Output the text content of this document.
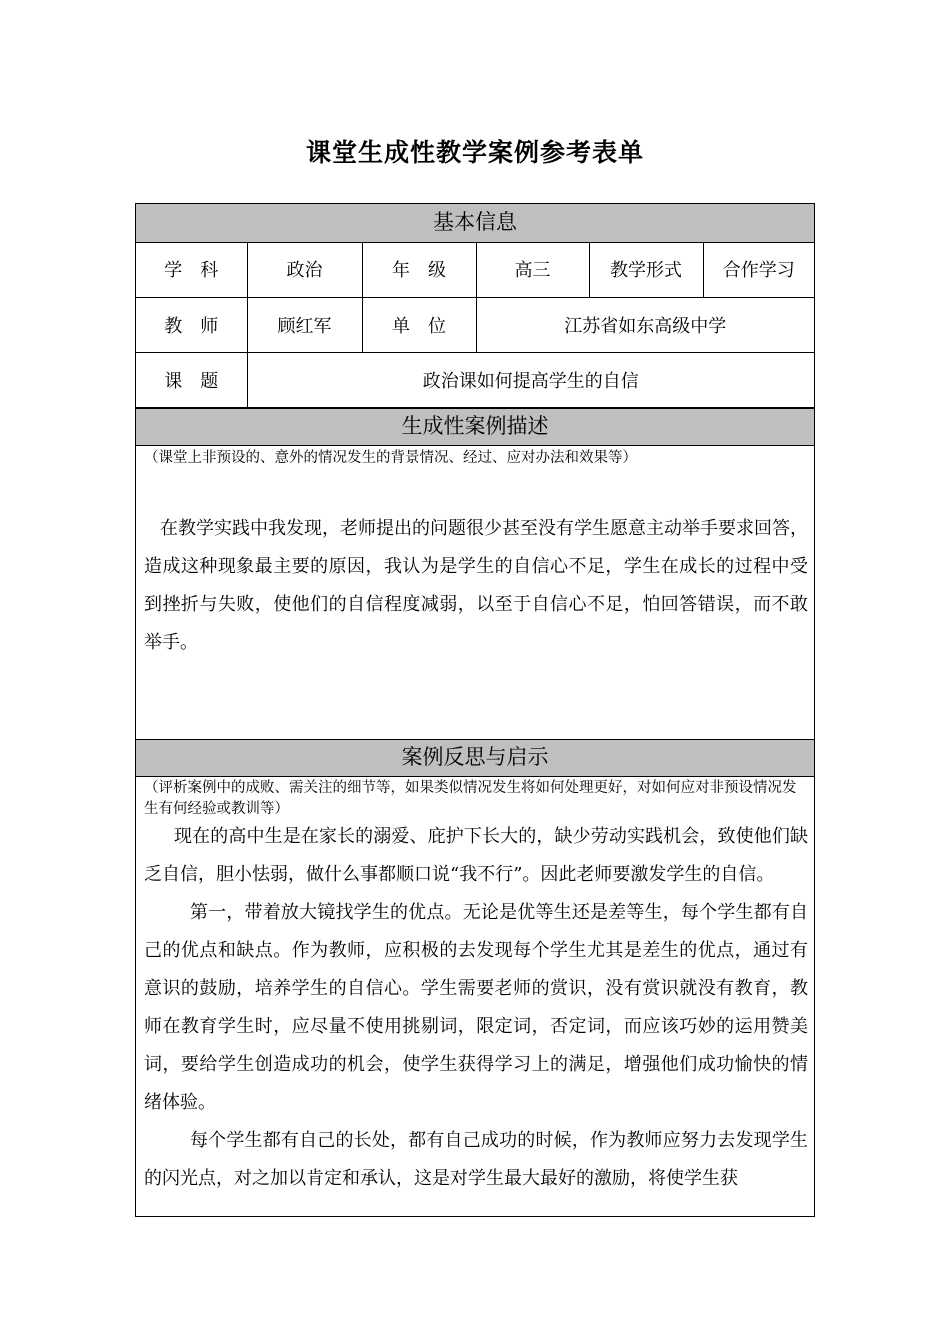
课堂生成性教学案例参考表单
基本信息
学　科	政治	年　级	高三	教学形式	合作学习
教　师	顾红军	单　位	江苏省如东高级中学		
课　题	政治课如何提高学生的自信				
生成性案例描述
（课堂上非预设的、意外的情况发生的背景情况、经过、应对办法和效果等）

在教学实践中我发现，老师提出的问题很少甚至没有学生愿意主动举手要求回答，造成这种现象最主要的原因，我认为是学生的自信心不足，学生在成长的过程中受到挫折与失败，使他们的自信程度减弱，以至于自信心不足，怕回答错误，而不敢举手。

案例反思与启示
（评析案例中的成败、需关注的细节等，如果类似情况发生将如何处理更好，对如何应对非预设情况发生有何经验或教训等）

现在的高中生是在家长的溺爱、庇护下长大的，缺少劳动实践机会，致使他们缺乏自信，胆小怯弱，做什么事都顺口说“我不行”。因此老师要激发学生的自信。

第一，带着放大镜找学生的优点。无论是优等生还是差等生，每个学生都有自己的优点和缺点。作为教师，应积极的去发现每个学生尤其是差生的优点，通过有意识的鼓励，培养学生的自信心。学生需要老师的赏识，没有赏识就没有教育，教师在教育学生时，应尽量不使用挑剔词，限定词，否定词，而应该巧妙的运用赞美词，要给学生创造成功的机会，使学生获得学习上的满足，增强他们成功愉快的情绪体验。

每个学生都有自己的长处，都有自己成功的时候，作为教师应努力去发现学生的闪光点，对之加以肯定和承认，这是对学生最大最好的激励，将使学生获
